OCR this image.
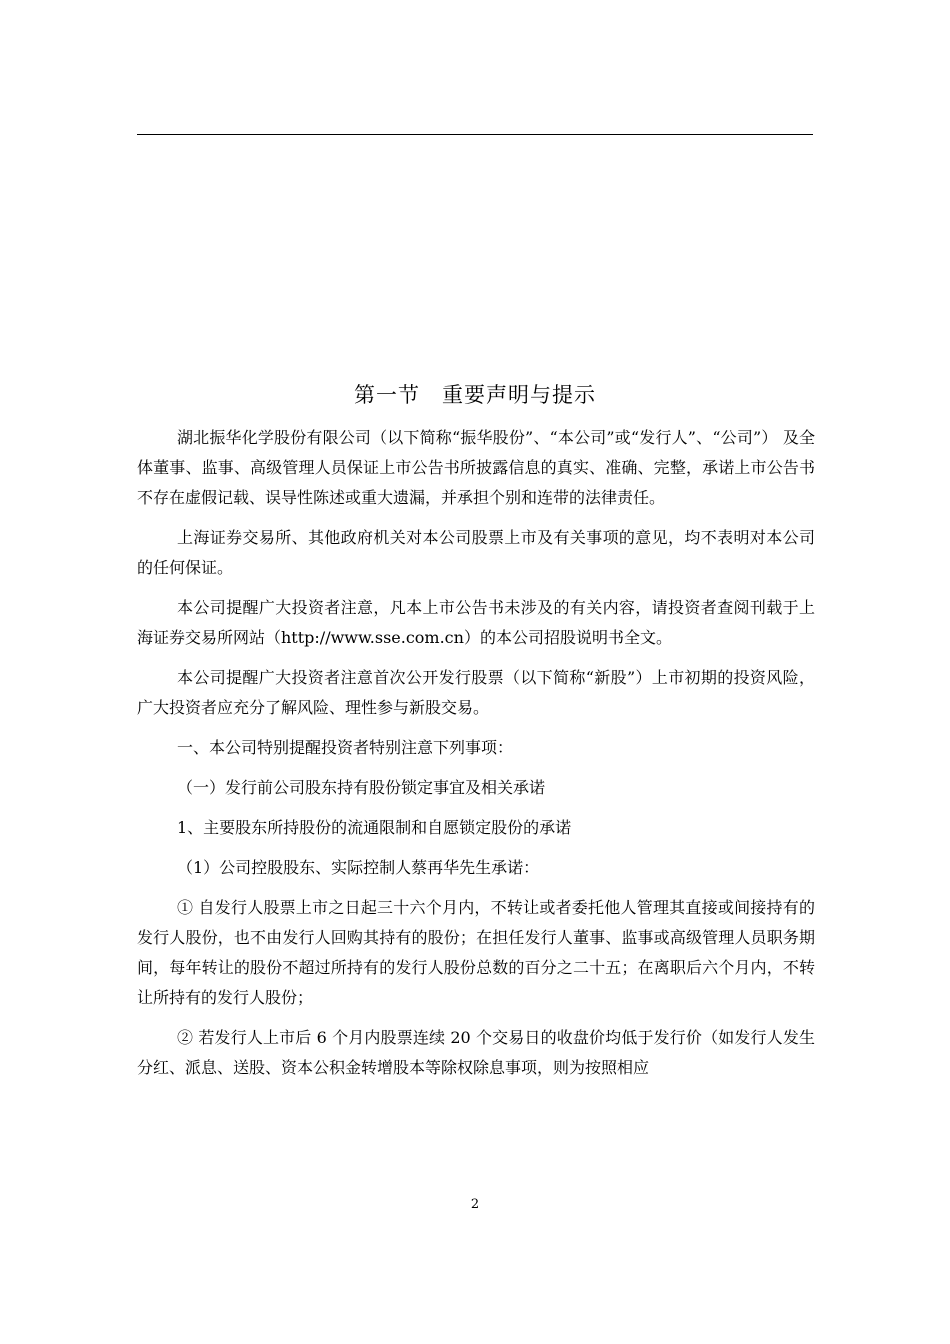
第一节　重要声明与提示

湖北振华化学股份有限公司（以下简称“振华股份”、“本公司”或“发行人”、“公司”） 及全体董事、监事、高级管理人员保证上市公告书所披露信息的真实、准确、完整，承诺上市公告书不存在虚假记载、误导性陈述或重大遗漏，并承担个别和连带的法律责任。

上海证券交易所、其他政府机关对本公司股票上市及有关事项的意见，均不表明对本公司的任何保证。

本公司提醒广大投资者注意，凡本上市公告书未涉及的有关内容，请投资者查阅刊载于上海证券交易所网站（http://www.sse.com.cn）的本公司招股说明书全文。

本公司提醒广大投资者注意首次公开发行股票（以下简称“新股”）上市初期的投资风险，广大投资者应充分了解风险、理性参与新股交易。

一、本公司特别提醒投资者特别注意下列事项：

（一）发行前公司股东持有股份锁定事宜及相关承诺

1、主要股东所持股份的流通限制和自愿锁定股份的承诺

（1）公司控股股东、实际控制人蔡再华先生承诺：

① 自发行人股票上市之日起三十六个月内，不转让或者委托他人管理其直接或间接持有的发行人股份，也不由发行人回购其持有的股份；在担任发行人董事、监事或高级管理人员职务期间，每年转让的股份不超过所持有的发行人股份总数的百分之二十五；在离职后六个月内，不转让所持有的发行人股份；

② 若发行人上市后 6 个月内股票连续 20 个交易日的收盘价均低于发行价（如发行人发生分红、派息、送股、资本公积金转增股本等除权除息事项，则为按照相应

2
